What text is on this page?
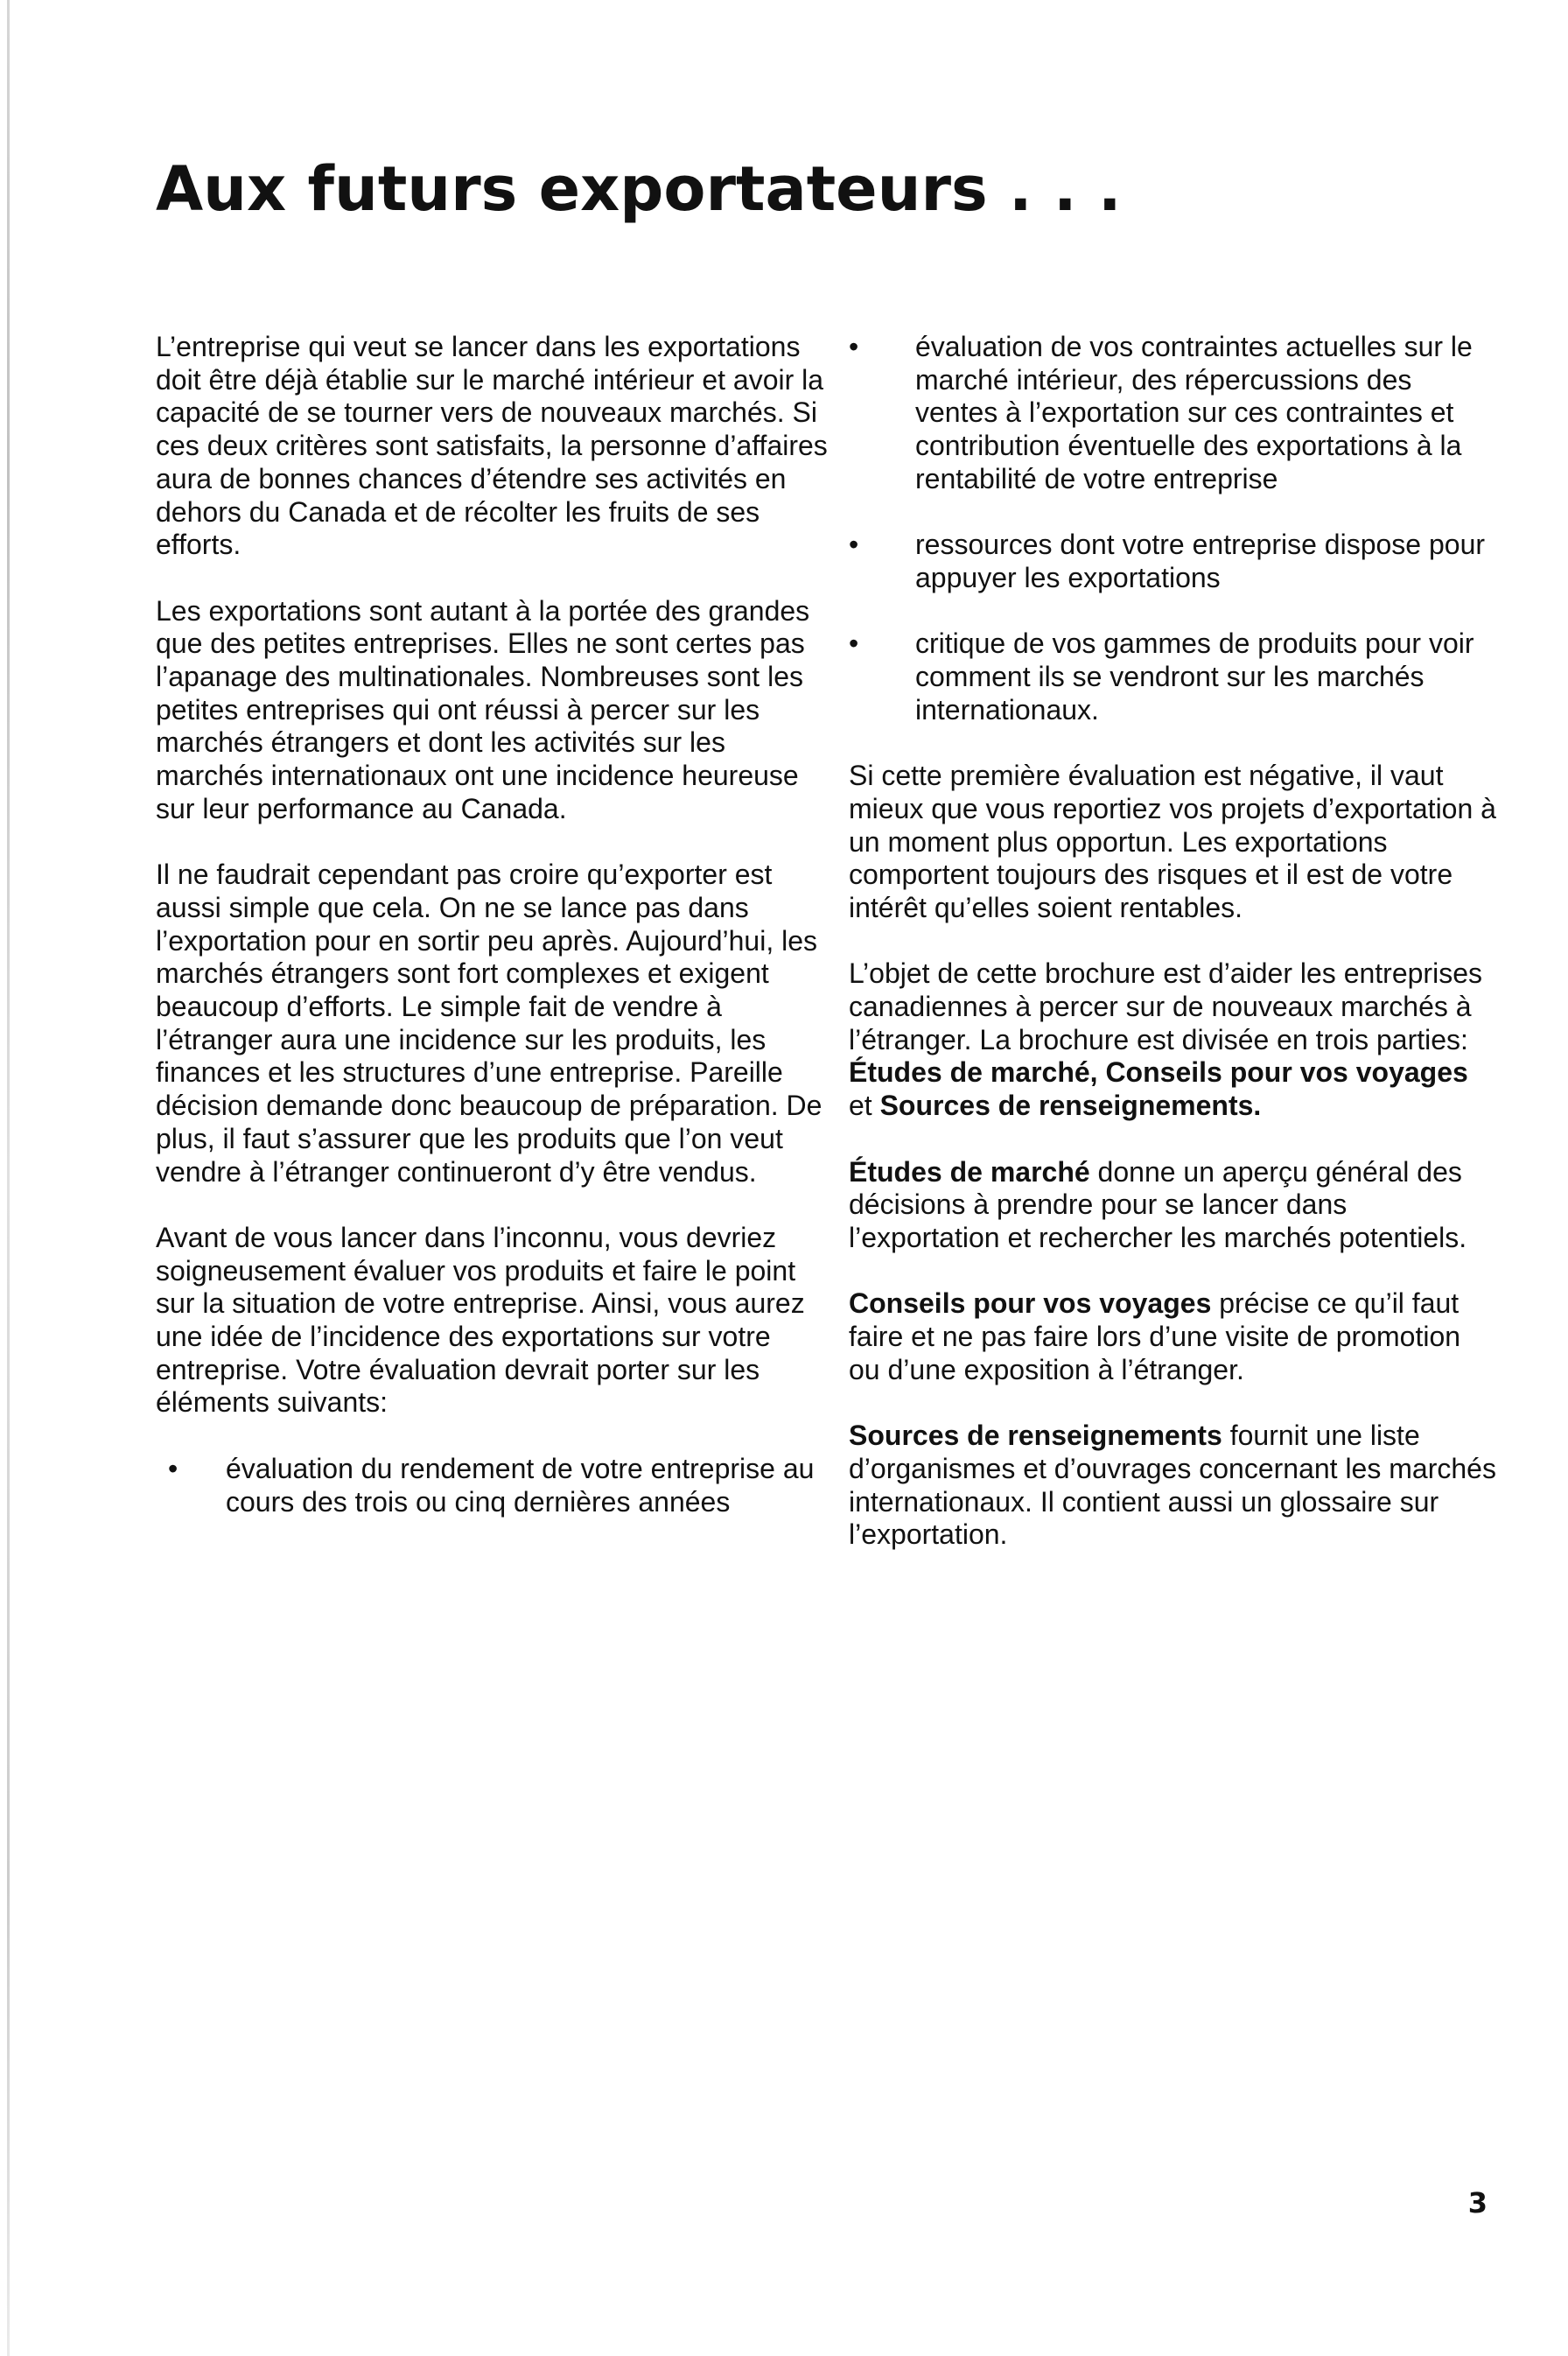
Aux futurs exportateurs . . .

L’entreprise qui veut se lancer dans les exportations doit être déjà établie sur le marché intérieur et avoir la capacité de se tourner vers de nouveaux marchés. Si ces deux critères sont satisfaits, la personne d’affaires aura de bonnes chances d’étendre ses activités en dehors du Canada et de récolter les fruits de ses efforts.

Les exportations sont autant à la portée des grandes que des petites entreprises. Elles ne sont certes pas l’apanage des multinationales. Nombreuses sont les petites entreprises qui ont réussi à percer sur les marchés étrangers et dont les activités sur les marchés internationaux ont une incidence heureuse sur leur performance au Canada.

Il ne faudrait cependant pas croire qu’exporter est aussi simple que cela. On ne se lance pas dans l’exportation pour en sortir peu après. Aujourd’hui, les marchés étrangers sont fort complexes et exigent beaucoup d’efforts. Le simple fait de vendre à l’étranger aura une incidence sur les produits, les finances et les structures d’une entreprise. Pareille décision demande donc beaucoup de préparation. De plus, il faut s’assurer que les produits que l’on veut vendre à l’étranger continueront d’y être vendus.

Avant de vous lancer dans l’inconnu, vous devriez soigneusement évaluer vos produits et faire le point sur la situation de votre entreprise. Ainsi, vous aurez une idée de l’incidence des exportations sur votre entreprise. Votre évaluation devrait porter sur les éléments suivants:

• évaluation du rendement de votre entreprise au cours des trois ou cinq dernières années
• évaluation de vos contraintes actuelles sur le marché intérieur, des répercussions des ventes à l’exportation sur ces contraintes et contribution éventuelle des exportations à la rentabilité de votre entreprise
• ressources dont votre entreprise dispose pour appuyer les exportations
• critique de vos gammes de produits pour voir comment ils se vendront sur les marchés internationaux.

Si cette première évaluation est négative, il vaut mieux que vous reportiez vos projets d’exportation à un moment plus opportun. Les exportations comportent toujours des risques et il est de votre intérêt qu’elles soient rentables.

L’objet de cette brochure est d’aider les entreprises canadiennes à percer sur de nouveaux marchés à l’étranger. La brochure est divisée en trois parties: Études de marché, Conseils pour vos voyages et Sources de renseignements.

Études de marché donne un aperçu général des décisions à prendre pour se lancer dans l’exportation et rechercher les marchés potentiels.

Conseils pour vos voyages précise ce qu’il faut faire et ne pas faire lors d’une visite de promotion ou d’une exposition à l’étranger.

Sources de renseignements fournit une liste d’organismes et d’ouvrages concernant les marchés internationaux. Il contient aussi un glossaire sur l’exportation.

3
